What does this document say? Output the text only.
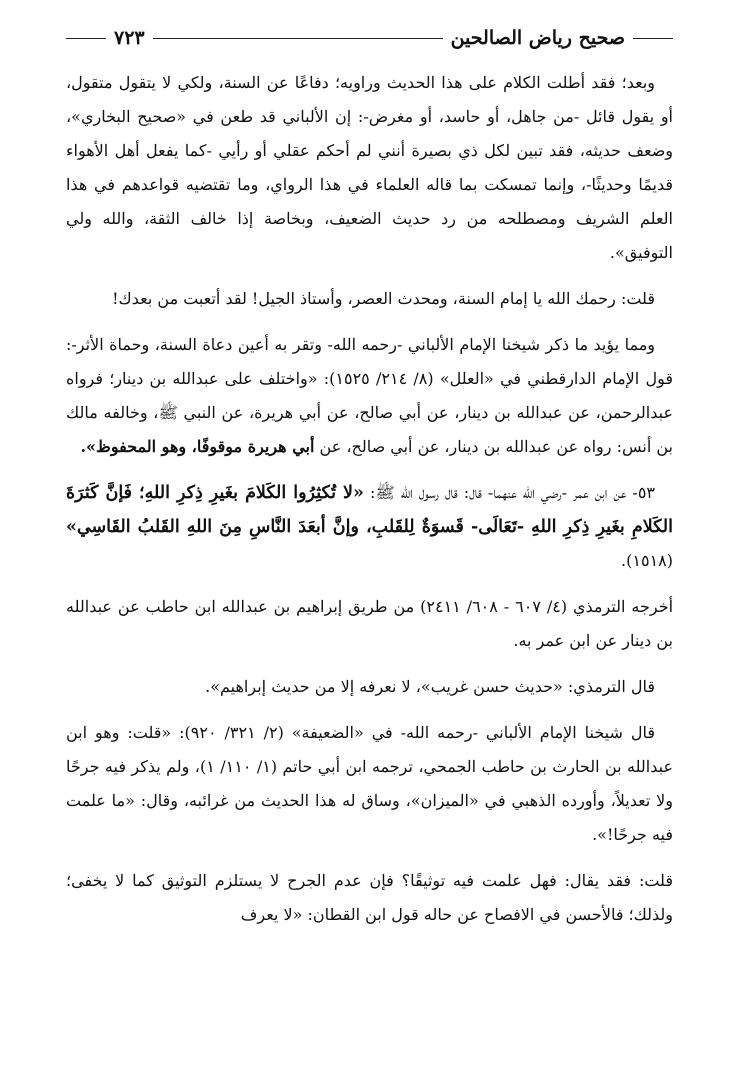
صحيح رياض الصالحين
٧٢٣

وبعد؛ فقد أطلت الكلام على هذا الحديث وراويه؛ دفاعًا عن السنة، ولكي لا يتقول متقول، أو يقول قائل -من جاهل، أو حاسد، أو مغرض-: إن الألباني قد طعن في «صحيح البخاري»، وضعف حديثه، فقد تبين لكل ذي بصيرة أنني لم أحكم عقلي أو رأيي -كما يفعل أهل الأهواء قديمًا وحديثًا-، وإنما تمسكت بما قاله العلماء في هذا الرواي، وما تقتضيه قواعدهم في هذا العلم الشريف ومصطلحه من رد حديث الضعيف، وبخاصة إذا خالف الثقة، والله ولي التوفيق».

قلت: رحمك الله يا إمام السنة، ومحدث العصر، وأستاذ الجيل! لقد أتعبت من بعدك!

ومما يؤيد ما ذكر شيخنا الإمام الألباني -رحمه الله- وتقر به أعين دعاة السنة، وحماة الأثر-: قول الإمام الدارقطني في «العلل» (٨/ ٢١٤/ ١٥٢٥): «واختلف على عبدالله بن دينار؛ فرواه عبدالرحمن، عن عبدالله بن دينار، عن أبي صالح، عن أبي هريرة، عن النبي ﷺ، وخالفه مالك بن أنس: رواه عن عبدالله بن دينار، عن أبي صالح، عن أبي هريرة موقوفًا، وهو المحفوظ».

٥٣- عن ابن عمر -رضي الله عنهما- قال: قال رسول الله ﷺ: «لا تُكثِرُوا الكَلامَ بغَيرِ ذِكرِ اللهِ؛ فَإنَّ كَثرَةَ الكَلامِ بغَيرِ ذِكرِ اللهِ -تَعَالَى- قَسوَةٌ لِلقَلبِ، وإنَّ أبعَدَ النَّاسِ مِنَ اللهِ القَلبُ القَاسِي» (١٥١٨).

أخرجه الترمذي (٤/ ٦٠٧ - ٦٠٨/ ٢٤١١) من طريق إبراهيم بن عبدالله ابن حاطب عن عبدالله بن دينار عن ابن عمر به.

قال الترمذي: «حديث حسن غريب»، لا نعرفه إلا من حديث إبراهيم».

قال شيخنا الإمام الألباني -رحمه الله- في «الضعيفة» (٢/ ٣٢١/ ٩٢٠): «قلت: وهو ابن عبدالله بن الحارث بن حاطب الجمحي، ترجمه ابن أبي حاتم (١/ ١١٠/ ١)، ولم يذكر فيه جرحًا ولا تعديلاً، وأورده الذهبي في «الميزان»، وساق له هذا الحديث من غرائبه، وقال: «ما علمت فيه جرحًا!».

قلت: فقد يقال: فهل علمت فيه توثيقًا؟ فإن عدم الجرح لا يستلزم التوثيق كما لا يخفى؛ ولذلك؛ فالأحسن في الافصاح عن حاله قول ابن القطان: «لا يعرف
